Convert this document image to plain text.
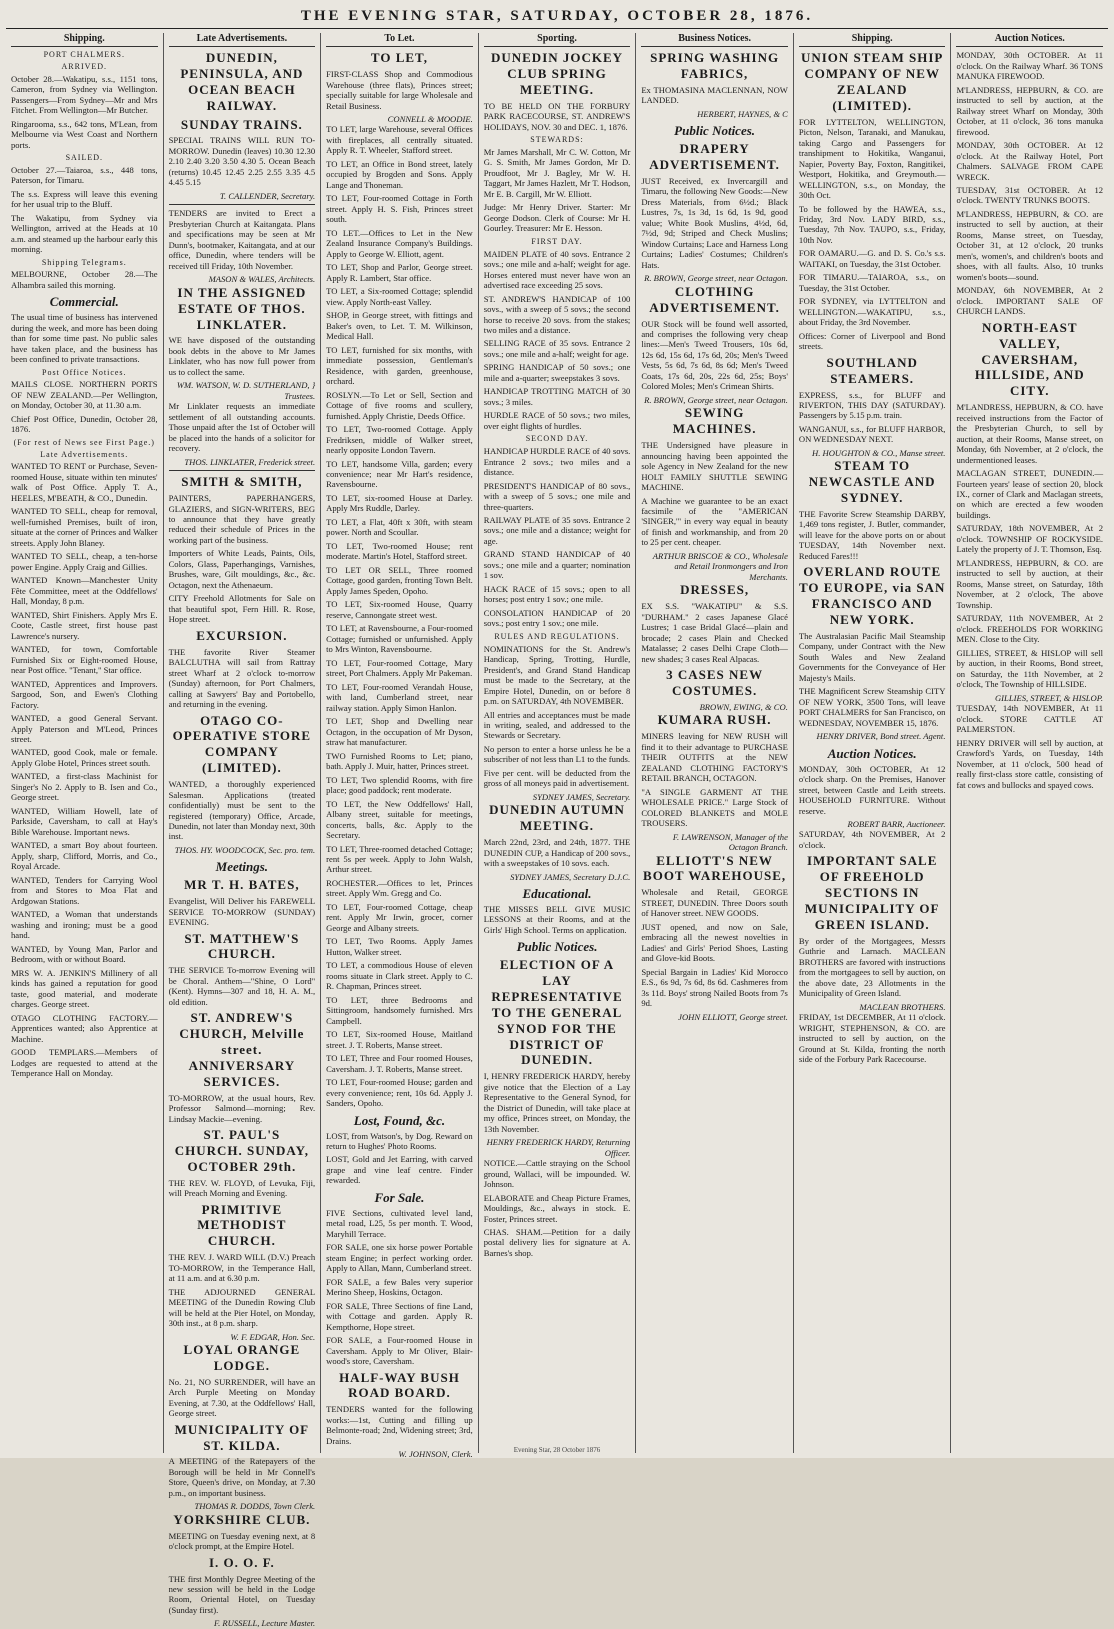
THE EVENING STAR, SATURDAY, OCTOBER 28, 1876.
Shipping.
PORT CHALMERS.
ARRIVED.
October 28.—Wakatipu, s.s., 1151 tons, Cameron, from Sydney via Wellington. Passengers—From Sydney—Mr and Mrs Fitchet. From Wellington—Mr Butcher.
Ringarooma, s.s., 642 tons, M'Lean, from Melbourne via West Coast and Northern ports.
SAILED.
October 27.—Taiaroa, s.s., 448 tons, Paterson, for Timaru.
The s.s. Express will leave this evening for her usual trip to the Bluff.
The Wakatipu, from Sydney via Wellington, arrived at the Heads at 10 a.m. and steamed up the harbour early this morning.
Shipping Telegrams.
MELBOURNE, October 28.—The Alhambra sailed this morning.
Commercial.
The usual time of business has intervened during the week, and more has been doing than for some time past. No public sales have taken place, and the business has been confined to private transactions.
Post Office Notices.
MAILS CLOSE. NORTHERN PORTS OF NEW ZEALAND.—Per Wellington, on Monday, October 30, at 11.30 a.m.
Chief Post Office, Dunedin, October 28, 1876.
(For rest of News see First Page.)
Late Advertisements.
WANTED TO RENT or Purchase, Seven-roomed House, situate within ten minutes' walk of Post Office. Apply T. A., HEELES, M'BEATH, & CO., Dunedin.
WANTED TO SELL, cheap for removal, well-furnished Premises, built of iron, situate at the corner of Princes and Walker streets. Apply John Blaney.
WANTED TO SELL, cheap, a ten-horse power Engine. Apply Craig and Gillies.
WANTED Known—Manchester Unity Fête Committee, meet at the Oddfellows' Hall, Monday, 8 p.m.
WANTED, Shirt Finishers. Apply Mrs E. Coote, Castle street, first house past Lawrence's nursery.
WANTED, for town, Comfortable Furnished Six or Eight-roomed House, near Post office. "Tenant," Star office.
WANTED, Apprentices and Improvers. Sargood, Son, and Ewen's Clothing Factory.
WANTED, a good General Servant. Apply Paterson and M'Leod, Princes street.
WANTED, good Cook, male or female. Apply Globe Hotel, Princes street south.
WANTED, a first-class Machinist for Singer's No 2. Apply to B. Isen and Co., George street.
WANTED, William Howell, late of Parkside, Caversham, to call at Hay's Bible Warehouse. Important news.
WANTED, a smart Boy about fourteen. Apply, sharp, Clifford, Morris, and Co., Royal Arcade.
WANTED, Tenders for Carrying Wool from and Stores to Moa Flat and Ardgowan Stations.
WANTED, a Woman that understands washing and ironing; must be a good hand.
WANTED, by Young Man, Parlor and Bedroom, with or without Board.
MRS W. A. JENKIN'S Millinery of all kinds has gained a reputation for good taste, good material, and moderate charges. George street.
OTAGO CLOTHING FACTORY.—Apprentices wanted; also Apprentice at Machine.
GOOD TEMPLARS.—Members of Lodges are requested to attend at the Temperance Hall on Monday.
Late Advertisements.
DUNEDIN, PENINSULA, AND OCEAN BEACH RAILWAY.
SUNDAY TRAINS.
SPECIAL TRAINS WILL RUN TO-MORROW. Dunedin (leaves) 10.30 12.30 2.10 2.40 3.20 3.50 4.30 5. Ocean Beach (returns) 10.45 12.45 2.25 2.55 3.35 4.5 4.45 5.15
T. CALLENDER, Secretary.
TENDERS are invited to Erect a Presbyterian Church at Kaitangata. Plans and specifications may be seen at Mr Dunn's, bootmaker, Kaitangata, and at our office, Dunedin, where tenders will be received till Friday, 10th November.
MASON & WALES, Architects.
IN THE ASSIGNED ESTATE OF THOS. LINKLATER.
WE have disposed of the outstanding book debts in the above to Mr James Linklater, who has now full power from us to collect the same.
WM. WATSON, W. D. SUTHERLAND, } Trustees.
Mr Linklater requests an immediate settlement of all outstanding accounts. Those unpaid after the 1st of October will be placed into the hands of a solicitor for recovery.
THOS. LINKLATER, Frederick street.
SMITH & SMITH,
PAINTERS, PAPERHANGERS, GLAZIERS, and SIGN-WRITERS, BEG to announce that they have greatly reduced their schedule of Prices in the working part of the business.
Importers of White Leads, Paints, Oils, Colors, Glass, Paperhangings, Varnishes, Brushes, ware, Gilt mouldings, &c., &c. Octagon, next the Athenaeum.
CITY Freehold Allotments for Sale on that beautiful spot, Fern Hill. R. Rose, Hope street.
EXCURSION.
THE favorite River Steamer BALCLUTHA will sail from Rattray street Wharf at 2 o'clock to-morrow (Sunday) afternoon, for Port Chalmers, calling at Sawyers' Bay and Portobello, and returning in the evening.
OTAGO CO-OPERATIVE STORE COMPANY (LIMITED).
WANTED, a thoroughly experienced Salesman. Applications (treated confidentially) must be sent to the registered (temporary) Office, Arcade, Dunedin, not later than Monday next, 30th inst.
THOS. HY. WOODCOCK, Sec. pro. tem.
Meetings.
MR T. H. BATES,
Evangelist, Will Deliver his FAREWELL SERVICE TO-MORROW (SUNDAY) EVENING.
ST. MATTHEW'S CHURCH.
THE SERVICE To-morrow Evening will be Choral. Anthem—"Shine, O Lord" (Kent). Hymns—307 and 18, H. A. M., old edition.
ST. ANDREW'S CHURCH, Melville street. ANNIVERSARY SERVICES.
TO-MORROW, at the usual hours, Rev. Professor Salmond—morning; Rev. Lindsay Mackie—evening.
ST. PAUL'S CHURCH. SUNDAY, OCTOBER 29th.
THE REV. W. FLOYD, of Levuka, Fiji, will Preach Morning and Evening.
PRIMITIVE METHODIST CHURCH.
THE REV. J. WARD WILL (D.V.) Preach TO-MORROW, in the Temperance Hall, at 11 a.m. and at 6.30 p.m.
THE ADJOURNED GENERAL MEETING of the Dunedin Rowing Club will be held at the Pier Hotel, on Monday, 30th inst., at 8 p.m. sharp.
W. F. EDGAR, Hon. Sec.
LOYAL ORANGE LODGE.
No. 21, NO SURRENDER, will have an Arch Purple Meeting on Monday Evening, at 7.30, at the Oddfellows' Hall, George street.
MUNICIPALITY OF ST. KILDA.
A MEETING of the Ratepayers of the Borough will be held in Mr Connell's Store, Queen's drive, on Monday, at 7.30 p.m., on important business.
THOMAS R. DODDS, Town Clerk.
YORKSHIRE CLUB.
MEETING on Tuesday evening next, at 8 o'clock prompt, at the Empire Hotel.
I. O. O. F.
THE first Monthly Degree Meeting of the new session will be held in the Lodge Room, Oriental Hotel, on Tuesday (Sunday first).
F. RUSSELL, Lecture Master.
To Let.
TO LET,
FIRST-CLASS Shop and Commodious Warehouse (three flats), Princes street; specially suitable for large Wholesale and Retail Business.
CONNELL & MOODIE.
TO LET, large Warehouse, several Offices with fireplaces, all centrally situated. Apply R. T. Wheeler, Stafford street.
TO LET, an Office in Bond street, lately occupied by Brogden and Sons. Apply Lange and Thoneman.
TO LET, Four-roomed Cottage in Forth street. Apply H. S. Fish, Princes street south.
TO LET.—Offices to Let in the New Zealand Insurance Company's Buildings. Apply to George W. Elliott, agent.
TO LET, Shop and Parlor, George street. Apply R. Lambert, Star office.
TO LET, a Six-roomed Cottage; splendid view. Apply North-east Valley.
SHOP, in George street, with fittings and Baker's oven, to Let. T. M. Wilkinson, Medical Hall.
TO LET, furnished for six months, with immediate possession, Gentleman's Residence, with garden, greenhouse, orchard.
ROSLYN.—To Let or Sell, Section and Cottage of five rooms and scullery, furnished. Apply Christie, Deeds Office.
TO LET, Two-roomed Cottage. Apply Fredriksen, middle of Walker street, nearly opposite London Tavern.
TO LET, handsome Villa, garden; every convenience; near Mr Hart's residence, Ravensbourne.
TO LET, six-roomed House at Darley. Apply Mrs Ruddle, Darley.
TO LET, a Flat, 40ft x 30ft, with steam power. North and Scoullar.
TO LET, Two-roomed House; rent moderate. Martin's Hotel, Stafford street.
TO LET OR SELL, Three roomed Cottage, good garden, fronting Town Belt. Apply James Speden, Opoho.
TO LET, Six-roomed House, Quarry reserve, Cannongate street west.
TO LET, at Ravensbourne, a Four-roomed Cottage; furnished or unfurnished. Apply to Mrs Winton, Ravensbourne.
TO LET, Four-roomed Cottage, Mary street, Port Chalmers. Apply Mr Pakeman.
TO LET, Four-roomed Verandah House, with land, Cumberland street, near railway station. Apply Simon Hanlon.
TO LET, Shop and Dwelling near Octagon, in the occupation of Mr Dyson, straw hat manufacturer.
TWO Furnished Rooms to Let; piano, bath. Apply J. Muir, hatter, Princes street.
TO LET, Two splendid Rooms, with fire place; good paddock; rent moderate.
TO LET, the New Oddfellows' Hall, Albany street, suitable for meetings, concerts, balls, &c. Apply to the Secretary.
TO LET, Three-roomed detached Cottage; rent 5s per week. Apply to John Walsh, Arthur street.
ROCHESTER.—Offices to let, Princes street. Apply Wm. Gregg and Co.
TO LET, Four-roomed Cottage, cheap rent. Apply Mr Irwin, grocer, corner George and Albany streets.
TO LET, Two Rooms. Apply James Hutton, Walker street.
TO LET, a commodious House of eleven rooms situate in Clark street. Apply to C. R. Chapman, Princes street.
TO LET, three Bedrooms and Sittingroom, handsomely furnished. Mrs Campbell.
TO LET, Six-roomed House, Maitland street. J. T. Roberts, Manse street.
TO LET, Three and Four roomed Houses, Caversham. J. T. Roberts, Manse street.
TO LET, Four-roomed House; garden and every convenience; rent, 10s 6d. Apply J. Sanders, Opoho.
Lost, Found, &c.
LOST, from Watson's, by Dog. Reward on return to Hughes' Photo Rooms.
LOST, Gold and Jet Earring, with carved grape and vine leaf centre. Finder rewarded.
For Sale.
FIVE Sections, cultivated level land, metal road, L25, 5s per month. T. Wood, Maryhill Terrace.
FOR SALE, one six horse power Portable steam Engine; in perfect working order. Apply to Allan, Mann, Cumberland street.
FOR SALE, a few Bales very superior Merino Sheep, Hoskins, Octagon.
FOR SALE, Three Sections of fine Land, with Cottage and garden. Apply R. Kempthorne, Hope street.
FOR SALE, a Four-roomed House in Caversham. Apply to Mr Oliver, Blair-wood's store, Caversham.
HALF-WAY BUSH ROAD BOARD.
TENDERS wanted for the following works:—1st, Cutting and filling up Belmonte-road; 2nd, Widening street; 3rd, Drains.
W. JOHNSON, Clerk.
Sporting.
DUNEDIN JOCKEY CLUB SPRING MEETING.
TO BE HELD ON THE FORBURY PARK RACECOURSE, ST. ANDREW'S HOLIDAYS, NOV. 30 and DEC. 1, 1876.
STEWARDS:
Mr James Marshall, Mr C. W. Cotton, Mr G. S. Smith, Mr James Gordon, Mr D. Proudfoot, Mr J. Bagley, Mr W. H. Taggart, Mr James Hazlett, Mr T. Hodson, Mr E. B. Cargill, Mr W. Elliott.
Judge: Mr Henry Driver. Starter: Mr George Dodson. Clerk of Course: Mr H. Gourley. Treasurer: Mr E. Hesson.
FIRST DAY.
MAIDEN PLATE of 40 sovs. Entrance 2 sovs.; one mile and a-half; weight for age. Horses entered must never have won an advertised race exceeding 25 sovs.
ST. ANDREW'S HANDICAP of 100 sovs., with a sweep of 5 sovs.; the second horse to receive 20 sovs. from the stakes; two miles and a distance.
SELLING RACE of 35 sovs. Entrance 2 sovs.; one mile and a-half; weight for age.
SPRING HANDICAP of 50 sovs.; one mile and a-quarter; sweepstakes 3 sovs.
HANDICAP TROTTING MATCH of 30 sovs.; 3 miles.
HURDLE RACE of 50 sovs.; two miles, over eight flights of hurdles.
SECOND DAY.
HANDICAP HURDLE RACE of 40 sovs. Entrance 2 sovs.; two miles and a distance.
PRESIDENT'S HANDICAP of 80 sovs., with a sweep of 5 sovs.; one mile and three-quarters.
RAILWAY PLATE of 35 sovs. Entrance 2 sovs.; one mile and a distance; weight for age.
GRAND STAND HANDICAP of 40 sovs.; one mile and a quarter; nomination 1 sov.
HACK RACE of 15 sovs.; open to all horses; post entry 1 sov.; one mile.
CONSOLATION HANDICAP of 20 sovs.; post entry 1 sov.; one mile.
RULES AND REGULATIONS.
NOMINATIONS for the St. Andrew's Handicap, Spring, Trotting, Hurdle, President's, and Grand Stand Handicap must be made to the Secretary, at the Empire Hotel, Dunedin, on or before 8 p.m. on SATURDAY, 4th NOVEMBER.
All entries and acceptances must be made in writing, sealed, and addressed to the Stewards or Secretary.
No person to enter a horse unless he be a subscriber of not less than L1 to the funds.
Five per cent. will be deducted from the gross of all moneys paid in advertisement.
SYDNEY JAMES, Secretary.
DUNEDIN AUTUMN MEETING.
March 22nd, 23rd, and 24th, 1877. THE DUNEDIN CUP, a Handicap of 200 sovs., with a sweepstakes of 10 sovs. each.
SYDNEY JAMES, Secretary D.J.C.
Educational.
THE MISSES BELL GIVE MUSIC LESSONS at their Rooms, and at the Girls' High School. Terms on application.
Public Notices.
ELECTION OF A LAY REPRESENTATIVE TO THE GENERAL SYNOD FOR THE DISTRICT OF DUNEDIN.
I, HENRY FREDERICK HARDY, hereby give notice that the Election of a Lay Representative to the General Synod, for the District of Dunedin, will take place at my office, Princes street, on Monday, the 13th November.
HENRY FREDERICK HARDY, Returning Officer.
NOTICE.—Cattle straying on the School ground, Wallaci, will be impounded. W. Johnson.
ELABORATE and Cheap Picture Frames, Mouldings, &c., always in stock. E. Foster, Princes street.
CHAS. SHAM.—Petition for a daily postal delivery lies for signature at A. Barnes's shop.
Business Notices.
SPRING WASHING FABRICS,
Ex THOMASINA MACLENNAN, NOW LANDED.
HERBERT, HAYNES, & C
Public Notices.
DRAPERY ADVERTISEMENT.
JUST Received, ex Invercargill and Timaru, the following New Goods:—New Dress Materials, from 6½d.; Black Lustres, 7s, 1s 3d, 1s 6d, 1s 9d, good value; White Book Muslins, 4½d, 6d, 7½d, 9d; Striped and Check Muslins; Window Curtains; Lace and Harness Long Curtains; Ladies' Costumes; Children's Hats.
R. BROWN, George street, near Octagon.
CLOTHING ADVERTISEMENT.
OUR Stock will be found well assorted, and comprises the following very cheap lines:—Men's Tweed Trousers, 10s 6d, 12s 6d, 15s 6d, 17s 6d, 20s; Men's Tweed Vests, 5s 6d, 7s 6d, 8s 6d; Men's Tweed Coats, 17s 6d, 20s, 22s 6d, 25s; Boys' Colored Moles; Men's Crimean Shirts.
R. BROWN, George street, near Octagon.
SEWING MACHINES.
THE Undersigned have pleasure in announcing having been appointed the sole Agency in New Zealand for the new HOLT FAMILY SHUTTLE SEWING MACHINE.
A Machine we guarantee to be an exact facsimile of the "AMERICAN 'SINGER,'" in every way equal in beauty of finish and workmanship, and from 20 to 25 per cent. cheaper.
ARTHUR BRISCOE & CO., Wholesale and Retail Ironmongers and Iron Merchants.
DRESSES,
EX S.S. "WAKATIPU" & S.S. "DURHAM." 2 cases Japanese Glacé Lustres; 1 case Bridal Glacé—plain and brocade; 2 cases Plain and Checked Matalasse; 2 cases Delhi Crape Cloth—new shades; 3 cases Real Alpacas.
3 CASES NEW COSTUMES.
BROWN, EWING, & CO.
KUMARA RUSH.
MINERS leaving for NEW RUSH will find it to their advantage to PURCHASE THEIR OUTFITS at the NEW ZEALAND CLOTHING FACTORY'S RETAIL BRANCH, OCTAGON.
"A SINGLE GARMENT AT THE WHOLESALE PRICE." Large Stock of COLORED BLANKETS and MOLE TROUSERS.
F. LAWRENSON, Manager of the Octagon Branch.
ELLIOTT'S NEW BOOT WAREHOUSE,
Wholesale and Retail, GEORGE STREET, DUNEDIN. Three Doors south of Hanover street. NEW GOODS.
JUST opened, and now on Sale, embracing all the newest novelties in Ladies' and Girls' Period Shoes, Lasting and Glove-kid Boots.
Special Bargain in Ladies' Kid Morocco E.S., 6s 9d, 7s 6d, 8s 6d. Cashmeres from 3s 11d. Boys' strong Nailed Boots from 7s 9d.
JOHN ELLIOTT, George street.
Shipping.
UNION STEAM SHIP COMPANY OF NEW ZEALAND (LIMITED).
FOR LYTTELTON, WELLINGTON, Picton, Nelson, Taranaki, and Manukau, taking Cargo and Passengers for transhipment to Hokitika, Wanganui, Napier, Poverty Bay, Foxton, Rangitikei, Westport, Hokitika, and Greymouth.—WELLINGTON, s.s., on Monday, the 30th Oct.
To be followed by the HAWEA, s.s., Friday, 3rd Nov. LADY BIRD, s.s., Tuesday, 7th Nov. TAUPO, s.s., Friday, 10th Nov.
FOR OAMARU.—G. and D. S. Co.'s s.s. WAITAKI, on Tuesday, the 31st October.
FOR TIMARU.—TAIAROA, s.s., on Tuesday, the 31st October.
FOR SYDNEY, via LYTTELTON and WELLINGTON.—WAKATIPU, s.s., about Friday, the 3rd November.
Offices: Corner of Liverpool and Bond streets.
SOUTHLAND STEAMERS.
EXPRESS, s.s., for BLUFF and RIVERTON, THIS DAY (SATURDAY). Passengers by 5.15 p.m. train.
WANGANUI, s.s., for BLUFF HARBOR, ON WEDNESDAY NEXT.
H. HOUGHTON & CO., Manse street.
STEAM TO NEWCASTLE AND SYDNEY.
THE Favorite Screw Steamship DARBY, 1,469 tons register, J. Butler, commander, will leave for the above ports on or about TUESDAY, 14th November next. Reduced Fares!!!
OVERLAND ROUTE TO EUROPE, via SAN FRANCISCO AND NEW YORK.
The Australasian Pacific Mail Steamship Company, under Contract with the New South Wales and New Zealand Governments for the Conveyance of Her Majesty's Mails.
THE Magnificent Screw Steamship CITY OF NEW YORK, 3500 Tons, will leave PORT CHALMERS for San Francisco, on WEDNESDAY, NOVEMBER 15, 1876.
HENRY DRIVER, Bond street. Agent.
Auction Notices.
MONDAY, 30th OCTOBER, At 12 o'clock sharp. On the Premises, Hanover street, between Castle and Leith streets. HOUSEHOLD FURNITURE. Without reserve.
ROBERT BARR, Auctioneer.
SATURDAY, 4th NOVEMBER, At 2 o'clock.
IMPORTANT SALE OF FREEHOLD SECTIONS IN MUNICIPALITY OF GREEN ISLAND.
By order of the Mortgagees, Messrs Guthrie and Larnach. MACLEAN BROTHERS are favored with instructions from the mortgagees to sell by auction, on the above date, 23 Allotments in the Municipality of Green Island.
MACLEAN BROTHERS.
FRIDAY, 1st DECEMBER, At 11 o'clock. WRIGHT, STEPHENSON, & CO. are instructed to sell by auction, on the Ground at St. Kilda, fronting the north side of the Forbury Park Racecourse.
Auction Notices.
MONDAY, 30th OCTOBER. At 11 o'clock. On the Railway Wharf. 36 TONS MANUKA FIREWOOD.
M'LANDRESS, HEPBURN, & CO. are instructed to sell by auction, at the Railway street Wharf on Monday, 30th October, at 11 o'clock, 36 tons manuka firewood.
MONDAY, 30th OCTOBER. At 12 o'clock. At the Railway Hotel, Port Chalmers. SALVAGE FROM CAPE WRECK.
TUESDAY, 31st OCTOBER. At 12 o'clock. TWENTY TRUNKS BOOTS.
M'LANDRESS, HEPBURN, & CO. are instructed to sell by auction, at their Rooms, Manse street, on Tuesday, October 31, at 12 o'clock, 20 trunks men's, women's, and children's boots and shoes, with all faults. Also, 10 trunks women's boots—sound.
MONDAY, 6th NOVEMBER, At 2 o'clock. IMPORTANT SALE OF CHURCH LANDS.
NORTH-EAST VALLEY, CAVERSHAM, HILLSIDE, AND CITY.
M'LANDRESS, HEPBURN, & CO. have received instructions from the Factor of the Presbyterian Church, to sell by auction, at their Rooms, Manse street, on Monday, 6th November, at 2 o'clock, the undermentioned leases.
MACLAGAN STREET, DUNEDIN.—Fourteen years' lease of section 20, block IX., corner of Clark and Maclagan streets, on which are erected a few wooden buildings.
SATURDAY, 18th NOVEMBER, At 2 o'clock. TOWNSHIP OF ROCKYSIDE. Lately the property of J. T. Thomson, Esq.
M'LANDRESS, HEPBURN, & CO. are instructed to sell by auction, at their Rooms, Manse street, on Saturday, 18th November, at 2 o'clock, The above Township.
SATURDAY, 11th NOVEMBER, At 2 o'clock. FREEHOLDS FOR WORKING MEN. Close to the City.
GILLIES, STREET, & HISLOP will sell by auction, in their Rooms, Bond street, on Saturday, the 11th November, at 2 o'clock, The Township of HILLSIDE.
GILLIES, STREET, & HISLOP.
TUESDAY, 14th NOVEMBER, At 11 o'clock. STORE CATTLE AT PALMERSTON.
HENRY DRIVER will sell by auction, at Crawford's Yards, on Tuesday, 14th November, at 11 o'clock, 500 head of really first-class store cattle, consisting of fat cows and bullocks and spayed cows.
Evening Star, 28 October 1876
